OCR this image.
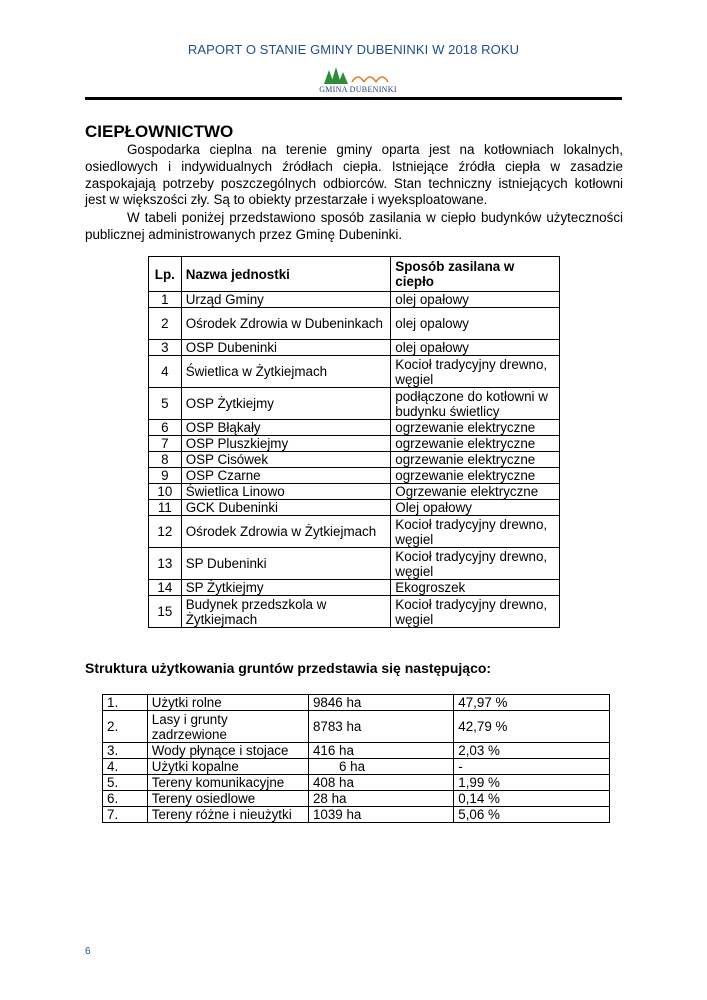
RAPORT O STANIE GMINY DUBENINKI W 2018 ROKU
GMINA DUBENINKI
CIEPŁOWNICTWO
Gospodarka cieplna na terenie gminy oparta jest na kotłowniach lokalnych, osiedlowych i indywidualnych źródłach ciepła. Istniejące źródła ciepła w zasadzie zaspokajają potrzeby poszczególnych odbiorców. Stan techniczny istniejących kotłowni jest w większości zły. Są to obiekty przestarzałe i wyeksploatowane.
W tabeli poniżej przedstawiono sposób zasilania w ciepło budynków użyteczności publicznej administrowanych przez Gminę Dubeninki.
Lp.	Nazwa jednostki	Sposób zasilana w ciepło
1	Urząd Gminy	olej opałowy
2	Ośrodek Zdrowia w Dubeninkach	olej opalowy
3	OSP Dubeninki	olej opałowy
4	Świetlica w Żytkiejmach	Kocioł tradycyjny drewno, węgiel
5	OSP Żytkiejmy	podłączone do kotłowni w budynku świetlicy
6	OSP Błąkały	ogrzewanie elektryczne
7	OSP Pluszkiejmy	ogrzewanie elektryczne
8	OSP Cisówek	ogrzewanie elektryczne
9	OSP Czarne	ogrzewanie elektryczne
10	Świetlica Linowo	Ogrzewanie elektryczne
11	GCK Dubeninki	Olej opałowy
12	Ośrodek Zdrowia w Żytkiejmach	Kocioł tradycyjny drewno, węgiel
13	SP Dubeninki	Kocioł tradycyjny drewno, węgiel
14	SP Żytkiejmy	Ekogroszek
15	Budynek przedszkola w Żytkiejmach	Kocioł tradycyjny drewno, węgiel
Struktura użytkowania gruntów przedstawia się następująco:
1.	Użytki rolne	9846 ha	47,97 %
2.	Lasy i grunty zadrzewione	8783 ha	42,79 %
3.	Wody płynące i stojace	416 ha	2,03 %
4.	Użytki kopalne	6 ha	-
5.	Tereny komunikacyjne	408 ha	1,99 %
6.	Tereny osiedlowe	28 ha	0,14 %
7.	Tereny różne i nieużytki	1039 ha	5,06 %
6
